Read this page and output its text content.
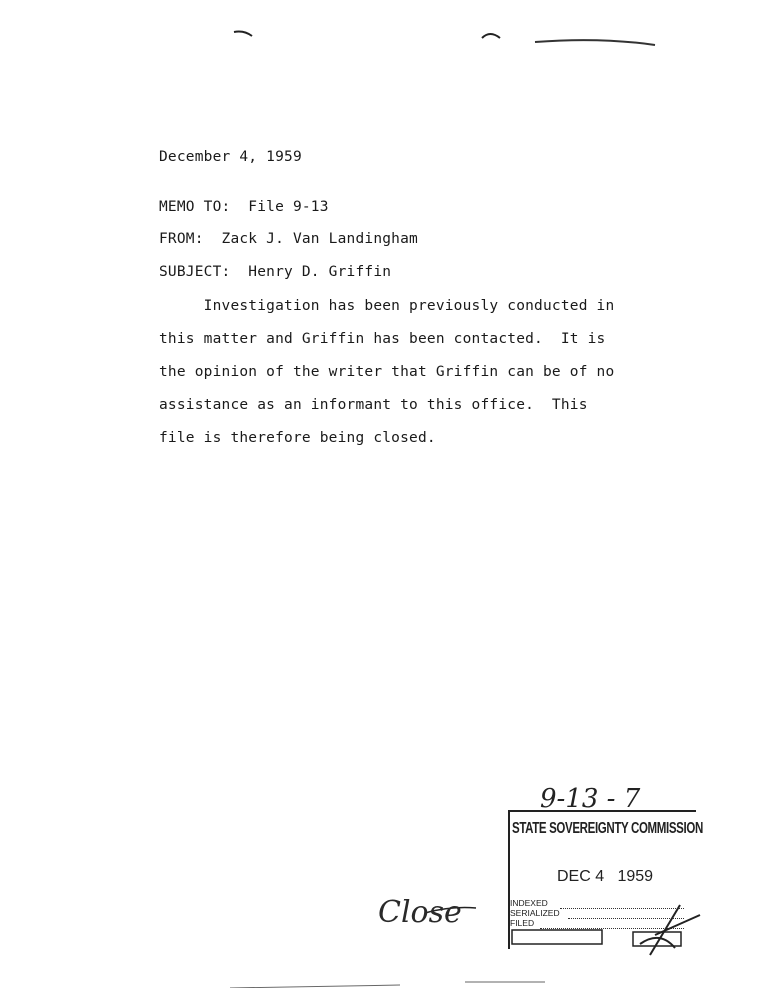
December 4, 1959
MEMO TO:  File 9-13
FROM:  Zack J. Van Landingham
SUBJECT:  Henry D. Griffin
Investigation has been previously conducted in
this matter and Griffin has been contacted.  It is
the opinion of the writer that Griffin can be of no
assistance as an informant to this office.  This
file is therefore being closed.
9-13 - 7
STATE SOVEREIGNTY COMMISSION
DEC 4   1959
INDEXED
SERIALIZED
FILED
Close
